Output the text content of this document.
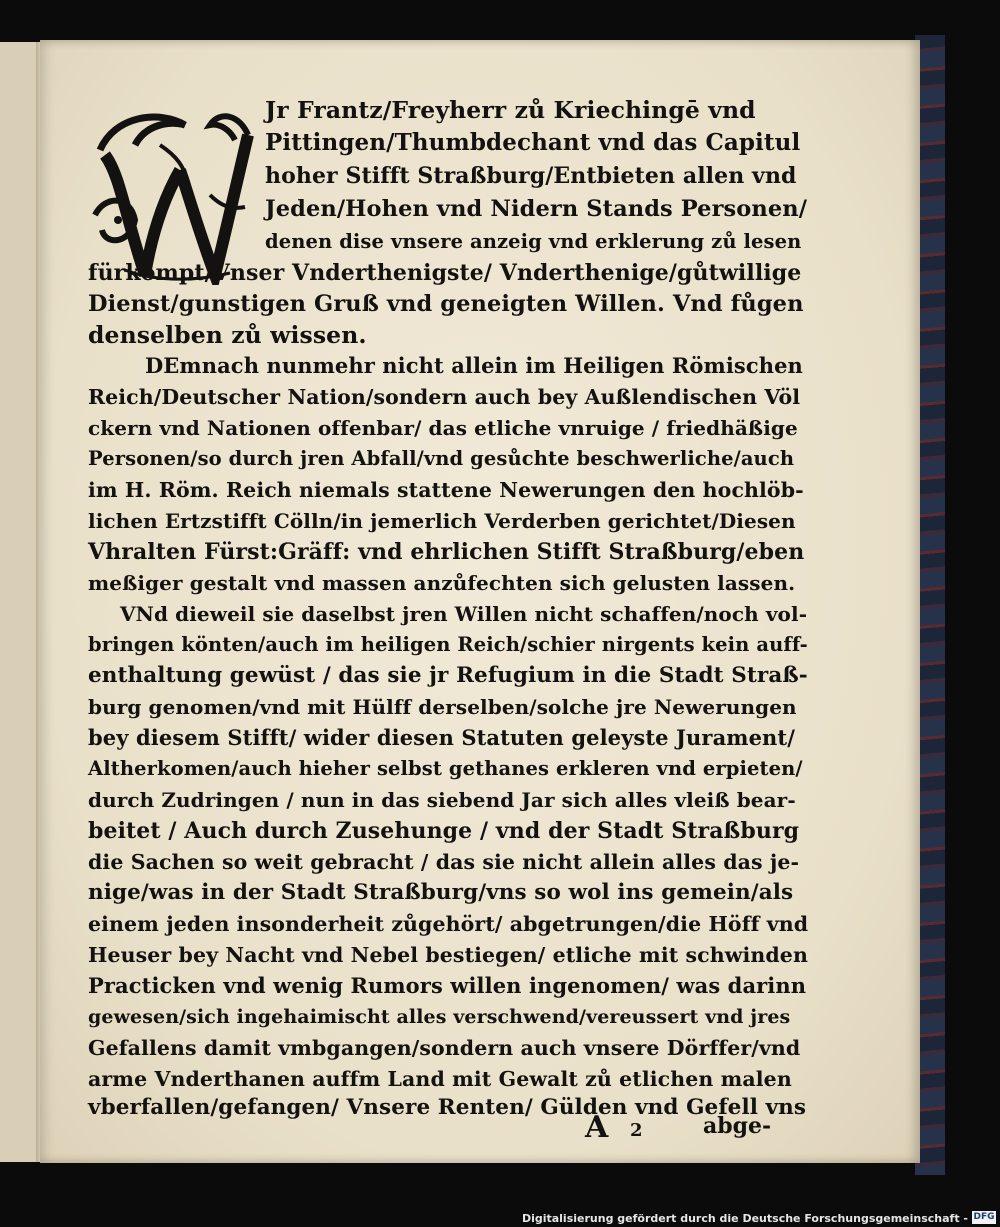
Jr Frantz/Freyherr zů Kriechingē vnd
Pittingen/Thumbdechant vnd das Capitul
hoher Stifft Straßburg/Entbieten allen vnd
Jeden/Hohen vnd Nidern Stands Personen/
denen dise vnsere anzeig vnd erklerung zů lesen
fürkompt/Vnser Vnderthenigste/ Vnderthenige/gůtwillige
Dienst/gunstigen Gruß vnd geneigten Willen. Vnd fůgen
denselben zů wissen.
DEmnach nunmehr nicht allein im Heiligen Römischen
Reich/Deutscher Nation/sondern auch bey Außlendischen Völ
ckern vnd Nationen offenbar/ das etliche vnruige / friedhäßige
Personen/so durch jren Abfall/vnd gesůchte beschwerliche/auch
im H. Röm. Reich niemals stattene Newerungen den hochlöb-
lichen Ertzstifft Cölln/in jemerlich Verderben gerichtet/Diesen
Vhralten Fürst:Gräff: vnd ehrlichen Stifft Straßburg/eben
meßiger gestalt vnd massen anzůfechten sich gelusten lassen.
VNd dieweil sie daselbst jren Willen nicht schaffen/noch vol-
bringen könten/auch im heiligen Reich/schier nirgents kein auff-
enthaltung gewüst / das sie jr Refugium in die Stadt Straß-
burg genomen/vnd mit Hülff derselben/solche jre Newerungen
bey diesem Stifft/ wider diesen Statuten geleyste Jurament/
Altherkomen/auch hieher selbst gethanes erkleren vnd erpieten/
durch Zudringen / nun in das siebend Jar sich alles vleiß bear-
beitet / Auch durch Zusehunge / vnd der Stadt Straßburg
die Sachen so weit gebracht / das sie nicht allein alles das je-
nige/was in der Stadt Straßburg/vns so wol ins gemein/als
einem jeden insonderheit zůgehört/ abgetrungen/die Höff vnd
Heuser bey Nacht vnd Nebel bestiegen/ etliche mit schwinden
Practicken vnd wenig Rumors willen ingenomen/ was darinn
gewesen/sich ingehaimischt alles verschwend/vereussert vnd jres
Gefallens damit vmbgangen/sondern auch vnsere Dörffer/vnd
arme Vnderthanen auffm Land mit Gewalt zů etlichen malen
vberfallen/gefangen/ Vnsere Renten/ Gülden vnd Gefell vns
A 2	abge-
Digitalisierung gefördert durch die Deutsche Forschungsgemeinschaft - DFG
